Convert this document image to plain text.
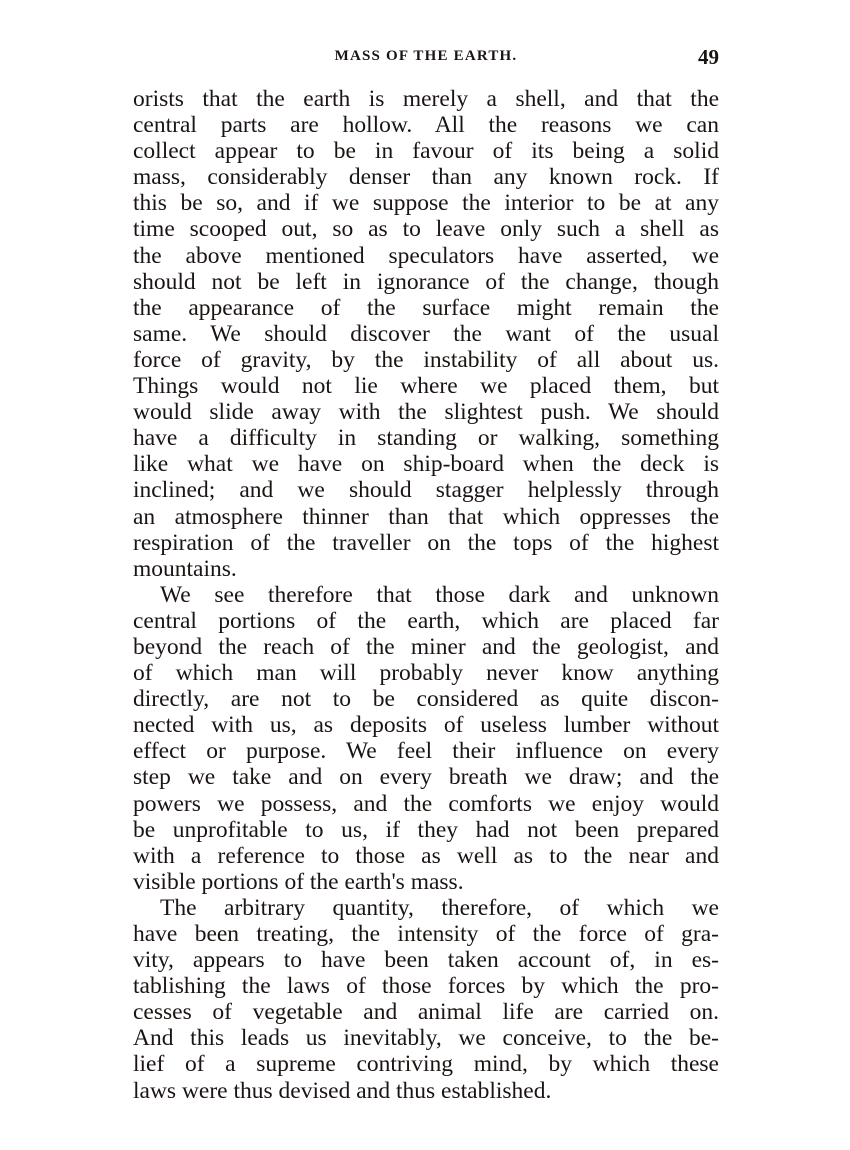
MASS OF THE EARTH.	49
orists that the earth is merely a shell, and that the
central parts are hollow. All the reasons we can
collect appear to be in favour of its being a solid
mass, considerably denser than any known rock. If
this be so, and if we suppose the interior to be at any
time scooped out, so as to leave only such a shell as
the above mentioned speculators have asserted, we
should not be left in ignorance of the change, though
the appearance of the surface might remain the
same. We should discover the want of the usual
force of gravity, by the instability of all about us.
Things would not lie where we placed them, but
would slide away with the slightest push. We should
have a difficulty in standing or walking, something
like what we have on ship-board when the deck is
inclined; and we should stagger helplessly through
an atmosphere thinner than that which oppresses the
respiration of the traveller on the tops of the highest
mountains.
We see therefore that those dark and unknown
central portions of the earth, which are placed far
beyond the reach of the miner and the geologist, and
of which man will probably never know anything
directly, are not to be considered as quite discon-
nected with us, as deposits of useless lumber without
effect or purpose. We feel their influence on every
step we take and on every breath we draw; and the
powers we possess, and the comforts we enjoy would
be unprofitable to us, if they had not been prepared
with a reference to those as well as to the near and
visible portions of the earth's mass.
The arbitrary quantity, therefore, of which we
have been treating, the intensity of the force of gra-
vity, appears to have been taken account of, in es-
tablishing the laws of those forces by which the pro-
cesses of vegetable and animal life are carried on.
And this leads us inevitably, we conceive, to the be-
lief of a supreme contriving mind, by which these
laws were thus devised and thus established.
